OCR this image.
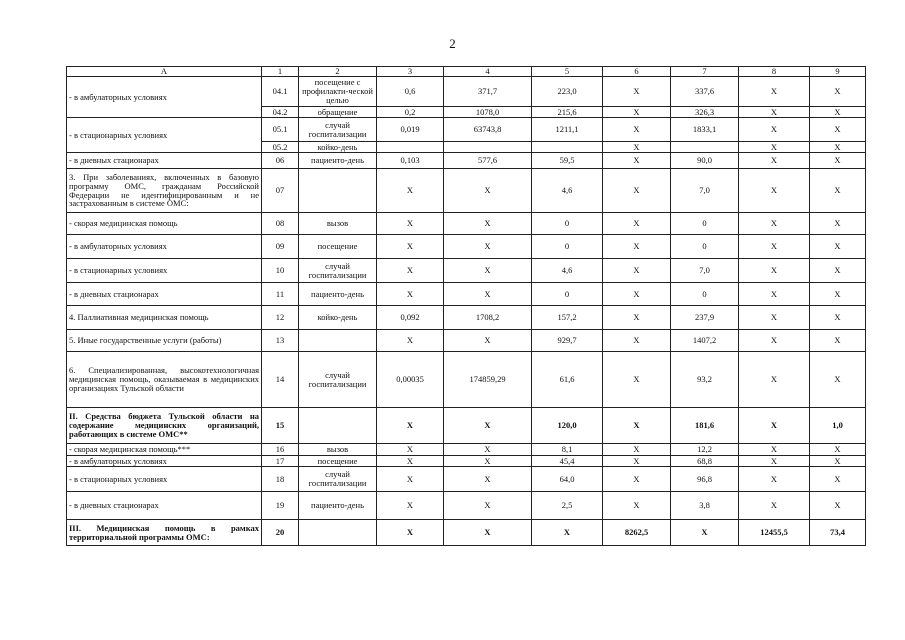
2
А	1	2	3	4	5	6	7	8	9
- в амбулаторных условиях	04.1	посещение с профилакти-ческой целью	0,6	371,7	223,0	X	337,6	X	X
	04.2	обращение	0,2	1078,0	215,6	X	326,3	X	X
- в стационарных условиях	05.1	случай госпитализации	0,019	63743,8	1211,1	X	1833,1	X	X
	05.2	койко-день				X		X	X
- в дневных стационарах	06	пациенто-день	0,103	577,6	59,5	X	90,0	X	X
3. При заболеваниях, включенных в базовую программу ОМС, гражданам Российской Федерации не идентифицированным и не застрахованным в системе ОМС:	07		X	X	4,6	X	7,0	X	X
- скорая медицинская помощь	08	вызов	X	X	0	X	0	X	X
- в амбулаторных условиях	09	посещение	X	X	0	X	0	X	X
- в стационарных условиях	10	случай госпитализации	X	X	4,6	X	7,0	X	X
- в дневных стационарах	11	пациенто-день	X	X	0	X	0	X	X
4. Паллиативная медицинская помощь	12	койко-день	0,092	1708,2	157,2	X	237,9	X	X
5. Иные государственные услуги (работы)	13		X	X	929,7	X	1407,2	X	X
6. Специализированная, высокотехнологичная медицинская помощь, оказываемая в медицинских организациях Тульской области	14	случай госпитализации	0,00035	174859,29	61,6	X	93,2	X	X
II. Средства бюджета Тульской области на содержание медицинских организаций, работающих в системе ОМС**	15		X	X	120,0	X	181,6	X	1,0
- скорая медицинская помощь***	16	вызов	X	X	8,1	X	12,2	X	X
- в амбулаторных условиях	17	посещение	X	X	45,4	X	68,8	X	X
- в стационарных условиях	18	случай госпитализации	X	X	64,0	X	96,8	X	X
- в дневных стационарах	19	пациенто-день	X	X	2,5	X	3,8	X	X
III. Медицинская помощь в рамках территориальной программы ОМС:	20		X	X	X	8262,5	X	12455,5	73,4
